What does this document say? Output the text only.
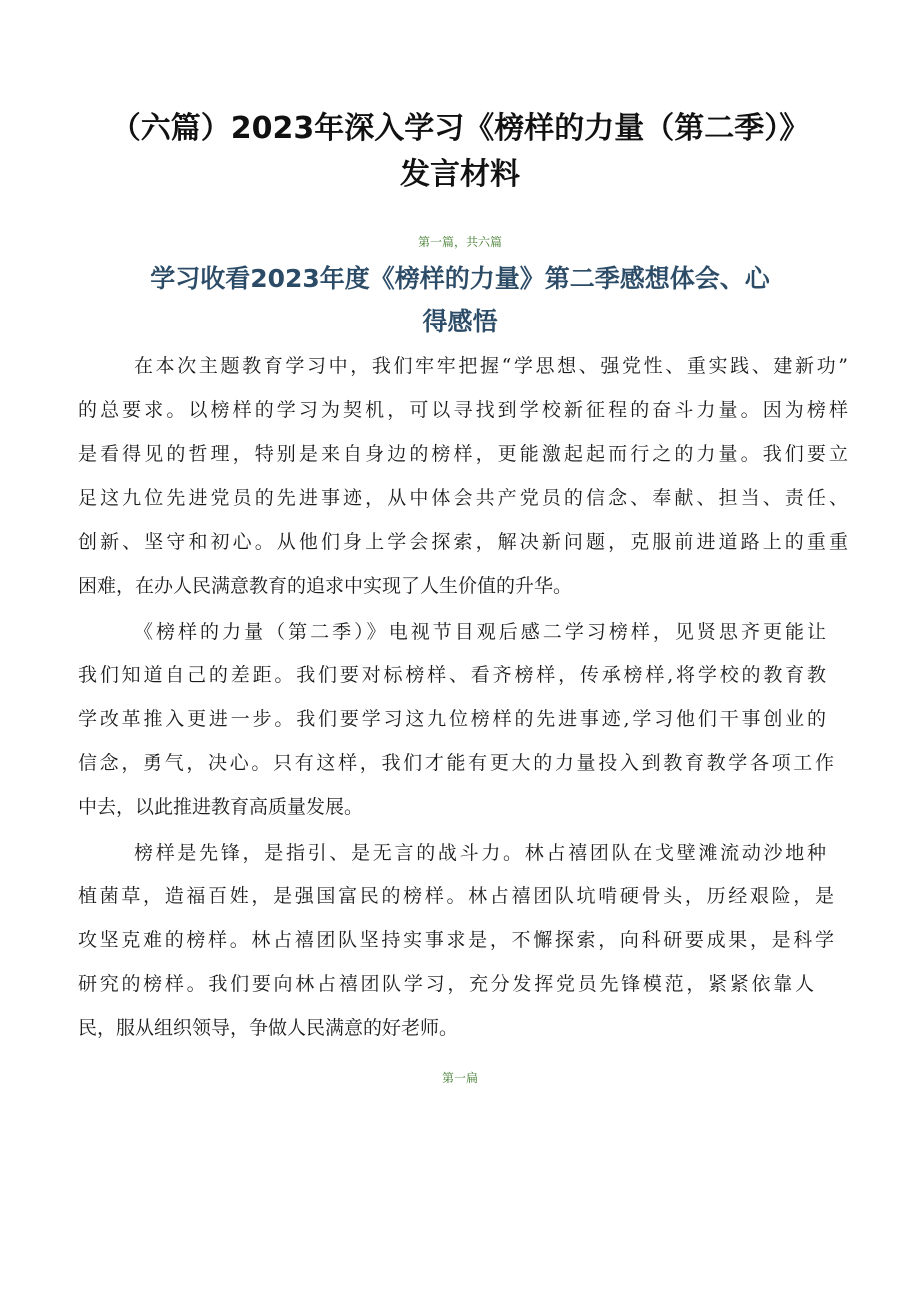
（六篇）2023年深入学习《榜样的力量（第二季）》
发言材料
第一篇，共六篇
学习收看2023年度《榜样的力量》第二季感想体会、心
得感悟
在本次主题教育学习中，我们牢牢把握“学思想、强党性、重实践、建新功”
的总要求。以榜样的学习为契机，可以寻找到学校新征程的奋斗力量。因为榜样
是看得见的哲理，特别是来自身边的榜样，更能激起起而行之的力量。我们要立
足这九位先进党员的先进事迹，从中体会共产党员的信念、奉献、担当、责任、
创新、坚守和初心。从他们身上学会探索，解决新问题，克服前进道路上的重重
困难，在办人民满意教育的追求中实现了人生价值的升华。
《榜样的力量（第二季）》电视节目观后感二学习榜样，见贤思齐更能让
我们知道自己的差距。我们要对标榜样、看齐榜样，传承榜样,将学校的教育教
学改革推入更进一步。我们要学习这九位榜样的先进事迹,学习他们干事创业的
信念，勇气，决心。只有这样，我们才能有更大的力量投入到教育教学各项工作
中去，以此推进教育高质量发展。
榜样是先锋，是指引、是无言的战斗力。林占禧团队在戈壁滩流动沙地种
植菌草，造福百姓，是强国富民的榜样。林占禧团队坑啃硬骨头，历经艰险，是
攻坚克难的榜样。林占禧团队坚持实事求是，不懈探索，向科研要成果，是科学
研究的榜样。我们要向林占禧团队学习，充分发挥党员先锋模范，紧紧依靠人
民，服从组织领导，争做人民满意的好老师。
第一扁
